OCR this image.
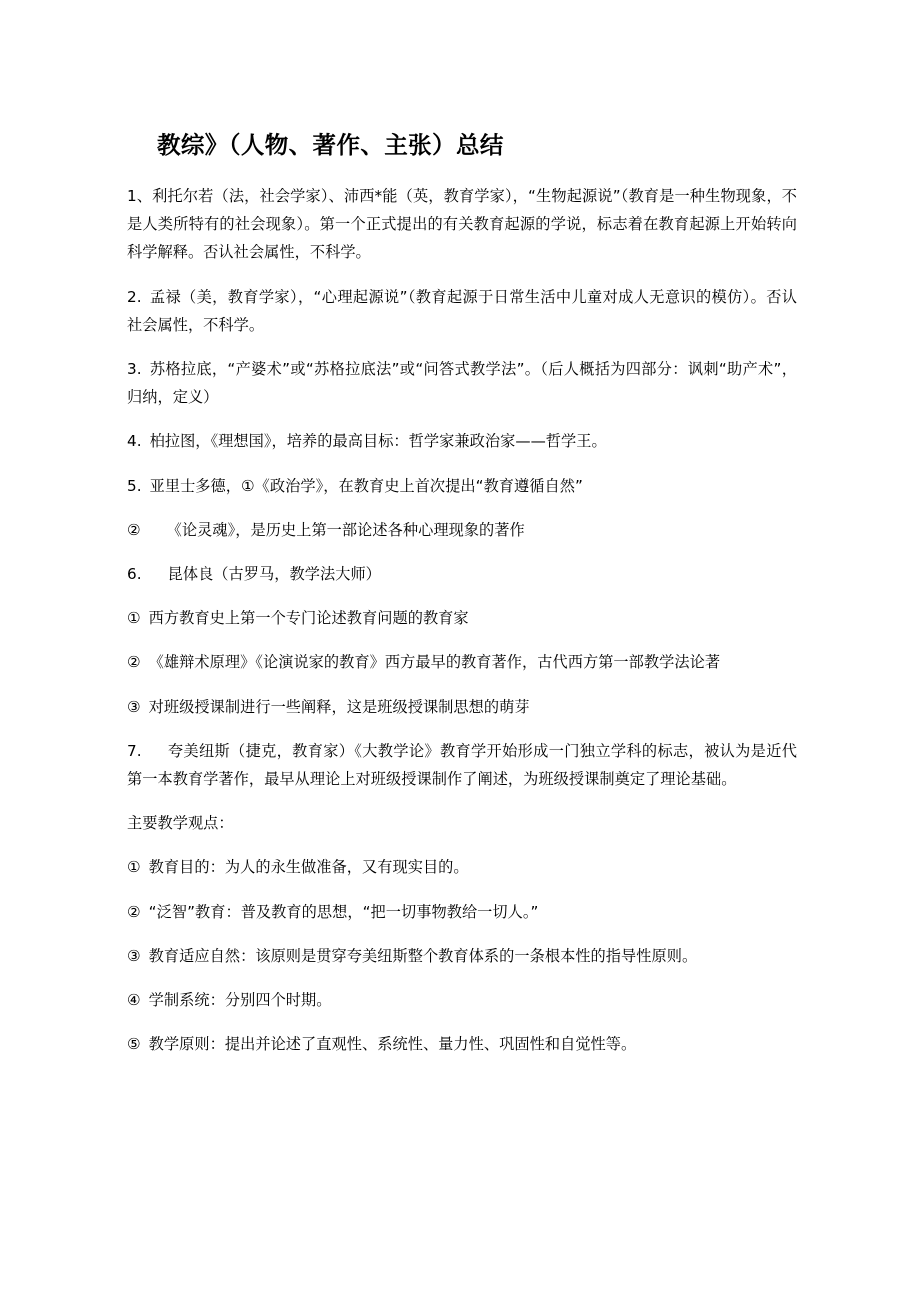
教综》（人物、著作、主张）总结

1、利托尔若（法，社会学家）、沛西*能（英，教育学家），“生物起源说”（教育是一种生物现象，不是人类所特有的社会现象）。第一个正式提出的有关教育起源的学说，标志着在教育起源上开始转向科学解释。否认社会属性，不科学。

2. 孟禄（美，教育学家），“心理起源说”（教育起源于日常生活中儿童对成人无意识的模仿）。否认社会属性，不科学。

3. 苏格拉底，“产婆术”或“苏格拉底法”或“问答式教学法”。（后人概括为四部分：讽刺“助产术”，归纳，定义）

4. 柏拉图，《理想国》，培养的最高目标：哲学家兼政治家——哲学王。

5. 亚里士多德，①《政治学》，在教育史上首次提出“教育遵循自然”

② 《论灵魂》，是历史上第一部论述各种心理现象的著作

6. 昆体良（古罗马，教学法大师）

① 西方教育史上第一个专门论述教育问题的教育家

② 《雄辩术原理》《论演说家的教育》西方最早的教育著作，古代西方第一部教学法论著

③ 对班级授课制进行一些阐释，这是班级授课制思想的萌芽

7. 夸美纽斯（捷克，教育家）《大教学论》教育学开始形成一门独立学科的标志，被认为是近代第一本教育学著作，最早从理论上对班级授课制作了阐述，为班级授课制奠定了理论基础。

主要教学观点：

① 教育目的：为人的永生做准备，又有现实目的。

② “泛智”教育：普及教育的思想，“把一切事物教给一切人。”

③ 教育适应自然：该原则是贯穿夸美纽斯整个教育体系的一条根本性的指导性原则。

④ 学制系统：分别四个时期。

⑤ 教学原则：提出并论述了直观性、系统性、量力性、巩固性和自觉性等。
